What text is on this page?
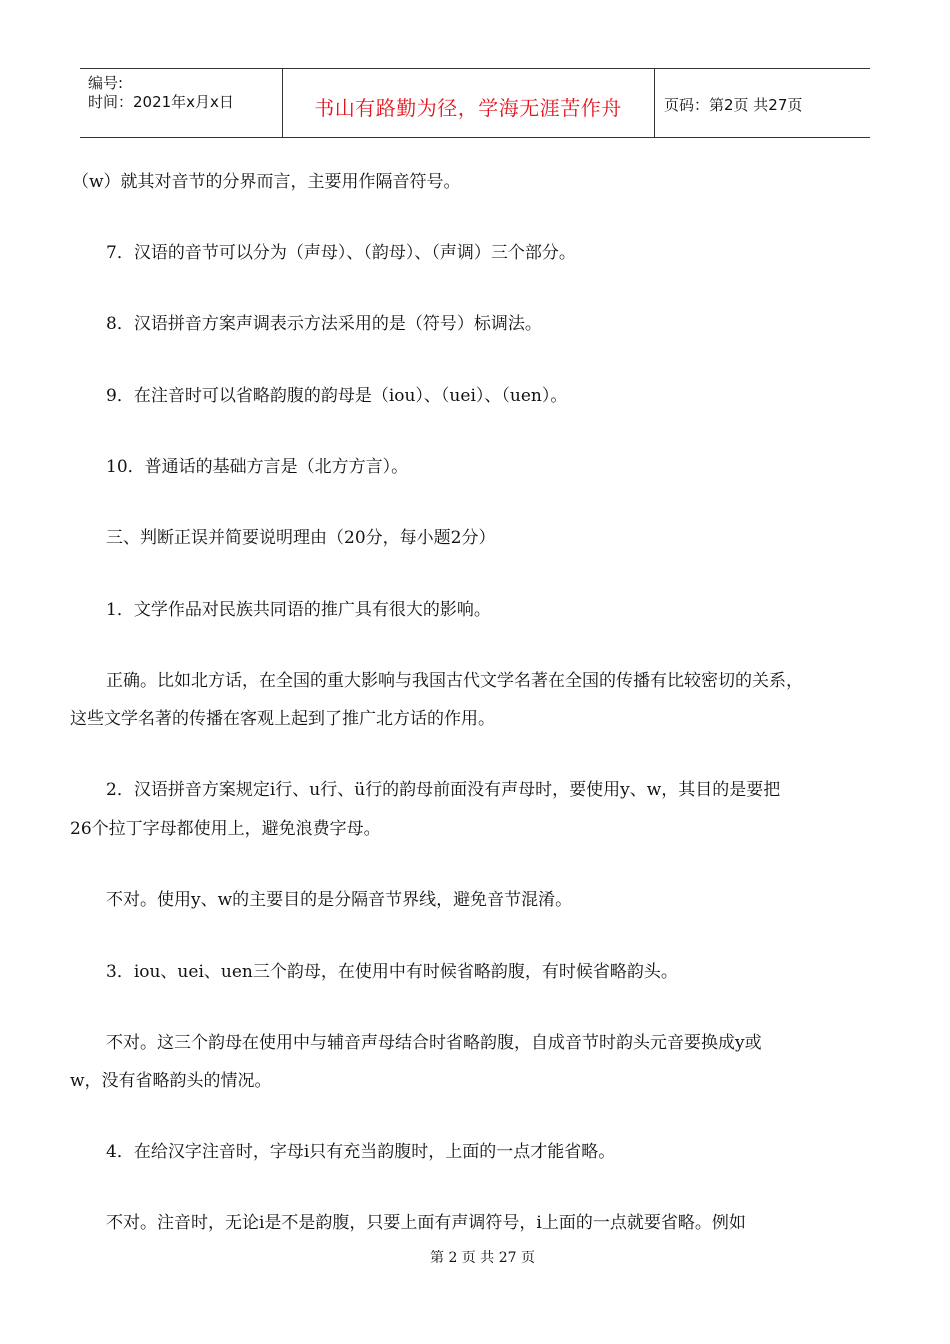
编号:
时间：2021年x月x日	书山有路勤为径，学海无涯苦作舟	页码：第2页 共27页
（w）就其对音节的分界而言，主要用作隔音符号。
7．汉语的音节可以分为（声母）、（韵母）、（声调）三个部分。
8．汉语拼音方案声调表示方法采用的是（符号）标调法。
9．在注音时可以省略韵腹的韵母是（iou）、（uei）、（uen）。
10．普通话的基础方言是（北方方言）。
三、判断正误并简要说明理由（20分，每小题2分）
1．文学作品对民族共同语的推广具有很大的影响。
正确。比如北方话，在全国的重大影响与我国古代文学名著在全国的传播有比较密切的关系，
这些文学名著的传播在客观上起到了推广北方话的作用。
2．汉语拼音方案规定i行、u行、ü行的韵母前面没有声母时，要使用y、w，其目的是要把
26个拉丁字母都使用上，避免浪费字母。
不对。使用y、w的主要目的是分隔音节界线，避免音节混淆。
3．iou、uei、uen三个韵母，在使用中有时候省略韵腹，有时候省略韵头。
不对。这三个韵母在使用中与辅音声母结合时省略韵腹，自成音节时韵头元音要换成y或
w，没有省略韵头的情况。
4．在给汉字注音时，字母i只有充当韵腹时，上面的一点才能省略。
不对。注音时，无论i是不是韵腹，只要上面有声调符号，i上面的一点就要省略。例如
第 2 页 共 27 页
